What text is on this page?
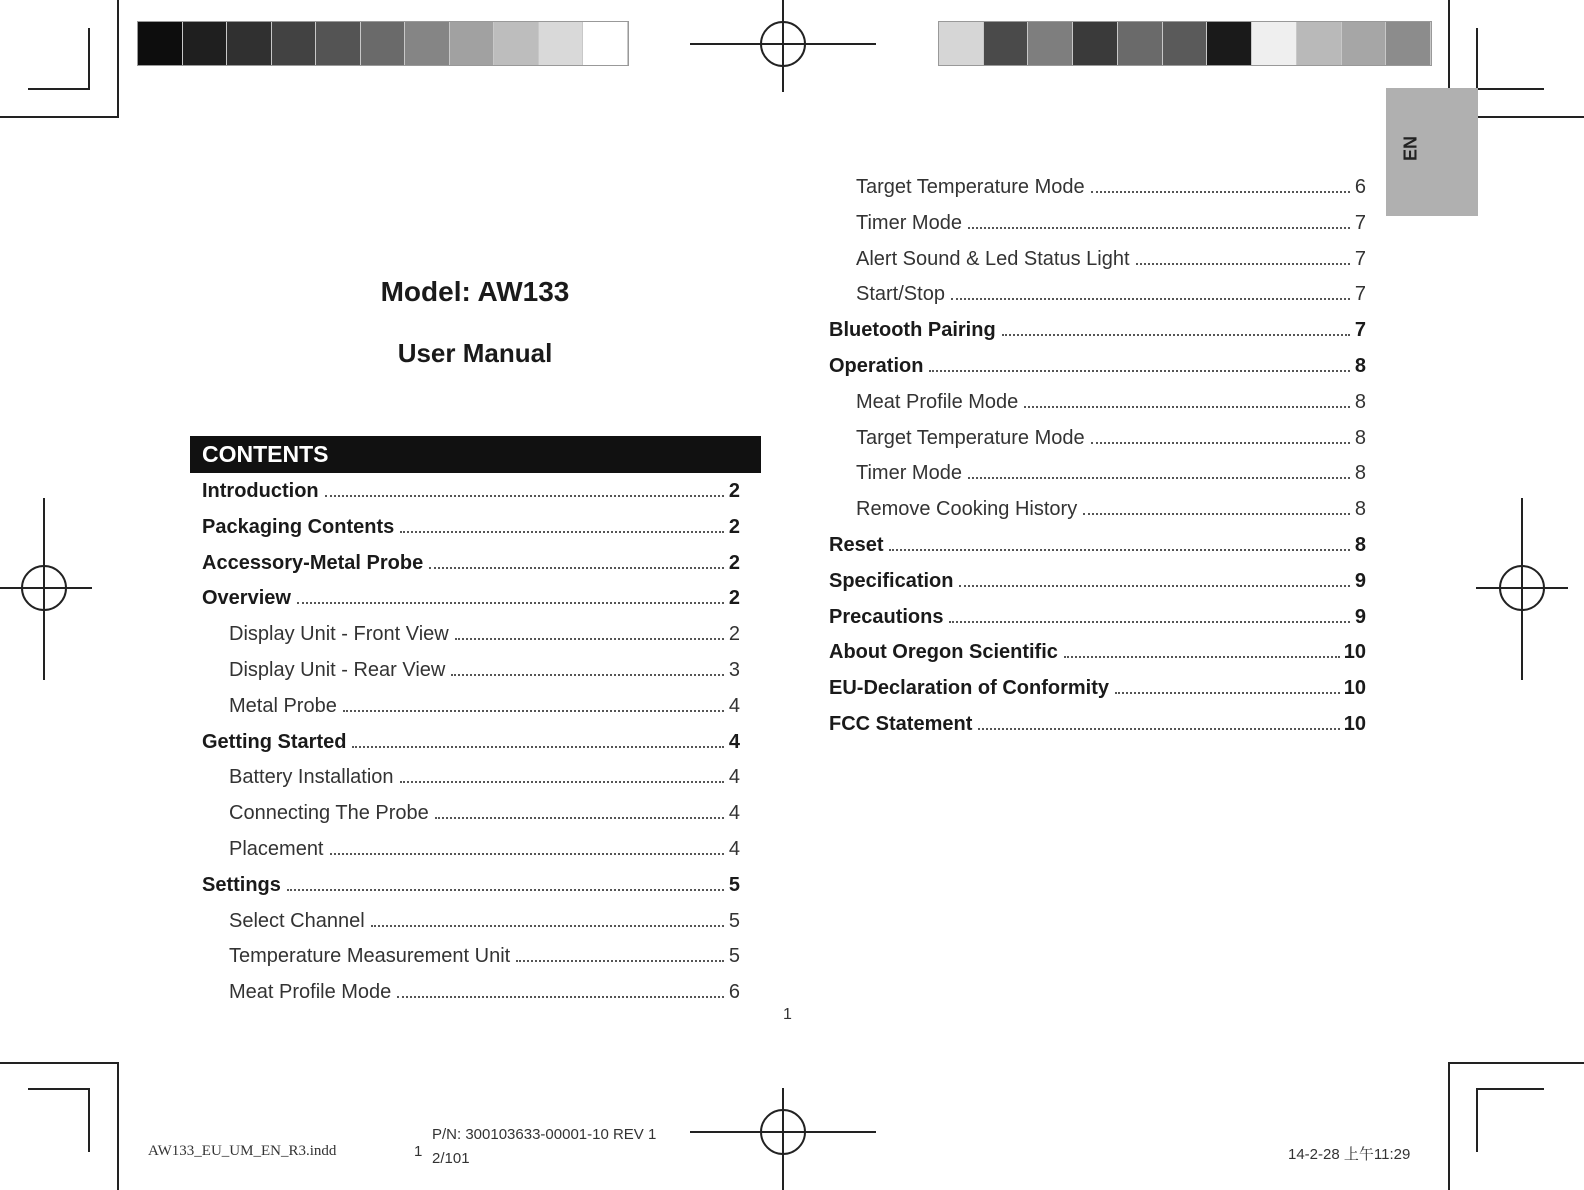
EN
Model: AW133
User Manual
CONTENTS
Introduction	2
Packaging Contents	2
Accessory-Metal Probe	2
Overview	2
Display Unit - Front View	2
Display Unit - Rear View	3
Metal Probe	4
Getting Started	4
Battery Installation	4
Connecting The Probe	4
Placement	4
Settings	5
Select Channel	5
Temperature Measurement Unit	5
Meat Profile Mode	6
Target Temperature Mode	6
Timer Mode	7
Alert Sound & Led Status Light	7
Start/Stop	7
Bluetooth Pairing	7
Operation	8
Meat Profile Mode	8
Target Temperature Mode	8
Timer Mode	8
Remove Cooking History	8
Reset	8
Specification	9
Precautions	9
About Oregon Scientific	10
EU-Declaration of Conformity	10
FCC Statement	10
1
AW133_EU_UM_EN_R3.indd	1
P/N: 300103633-00001-10 REV 1
2/101	14-2-28 上午11:29
